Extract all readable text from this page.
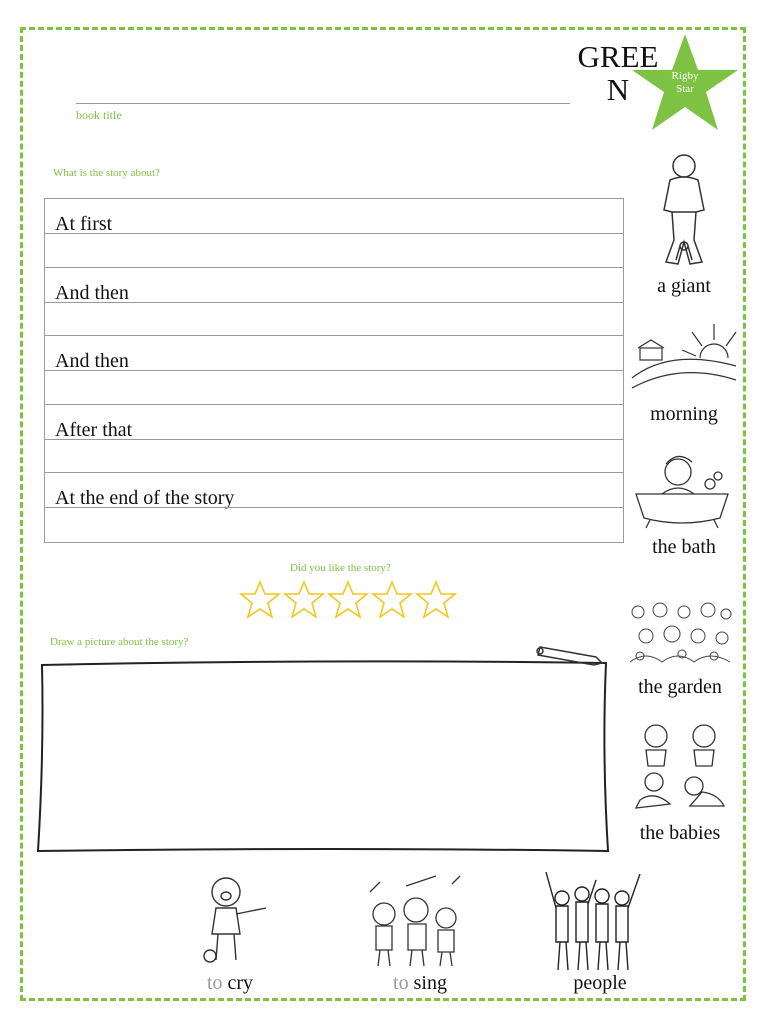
book title
GREEN	Rigby
Star
What is the story about?
At first
And then
And then
After that
At the end of the story
a giant
morning
the bath
the garden
the babies
Did you like the story?
Draw a picture about the story?
to cry	to sing	people
